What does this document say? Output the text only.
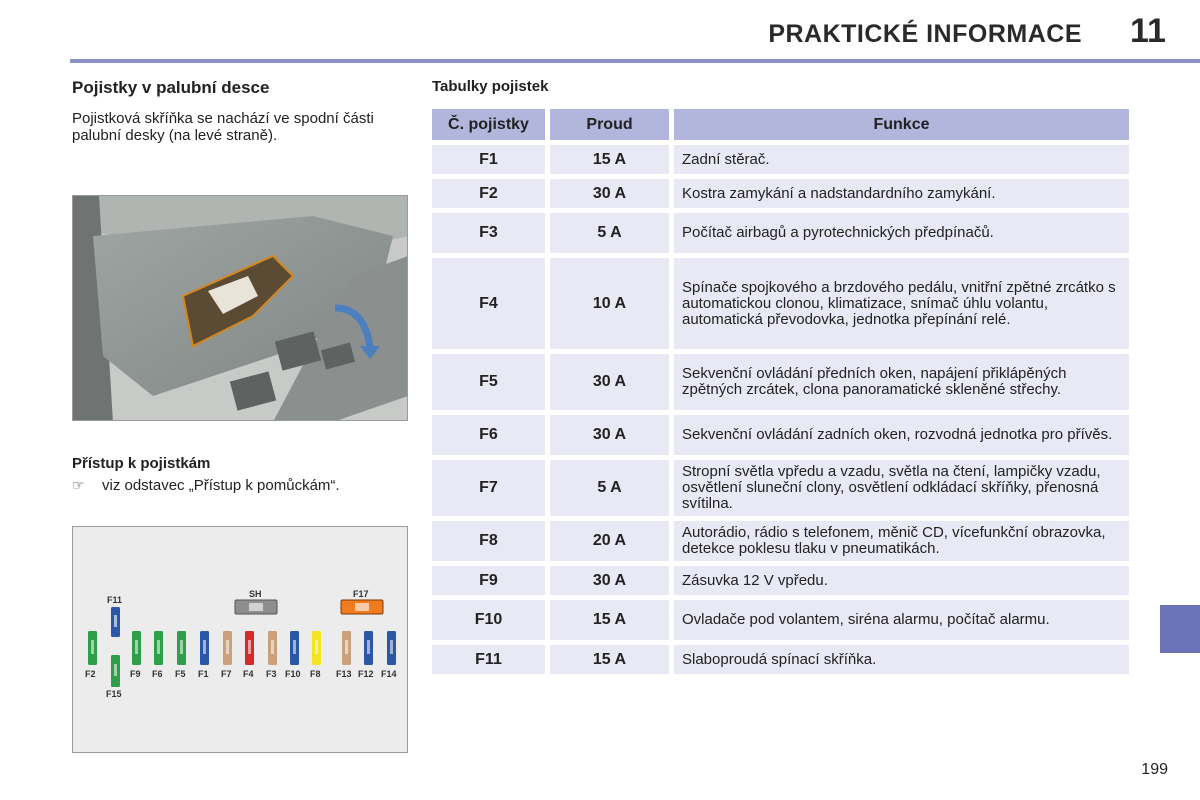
PRAKTICKÉ INFORMACE 11
Pojistky v palubní desce
Pojistková skříňka se nachází ve spodní části palubní desky (na levé straně).
Přístup k pojistkám
☞	viz odstavec „Přístup k pomůckám“.
F11
SH	F17
F2	F9 F6 F5 F1 F7 F4 F3 F10 F8 F13 F12 F14
F15
Tabulky pojistek
Č. pojistky	Proud	Funkce
F1	15 A	Zadní stěrač.
F2	30 A	Kostra zamykání a nadstandardního zamykání.
F3	5 A	Počítač airbagů a pyrotechnických předpínačů.
F4	10 A	Spínače spojkového a brzdového pedálu, vnitřní zpětné zrcátko s automatickou clonou, klimatizace, snímač úhlu volantu, automatická převodovka, jednotka přepínání relé.
F5	30 A	Sekvenční ovládání předních oken, napájení přiklápěných zpětných zrcátek, clona panoramatické skleněné střechy.
F6	30 A	Sekvenční ovládání zadních oken, rozvodná jednotka pro přívěs.
F7	5 A	Stropní světla vpředu a vzadu, světla na čtení, lampičky vzadu, osvětlení sluneční clony, osvětlení odkládací skříňky, přenosná svítilna.
F8	20 A	Autorádio, rádio s telefonem, měnič CD, vícefunkční obrazovka, detekce poklesu tlaku v pneumatikách.
F9	30 A	Zásuvka 12 V vpředu.
F10	15 A	Ovladače pod volantem, siréna alarmu, počítač alarmu.
F11	15 A	Slaboproudá spínací skříňka.
199
